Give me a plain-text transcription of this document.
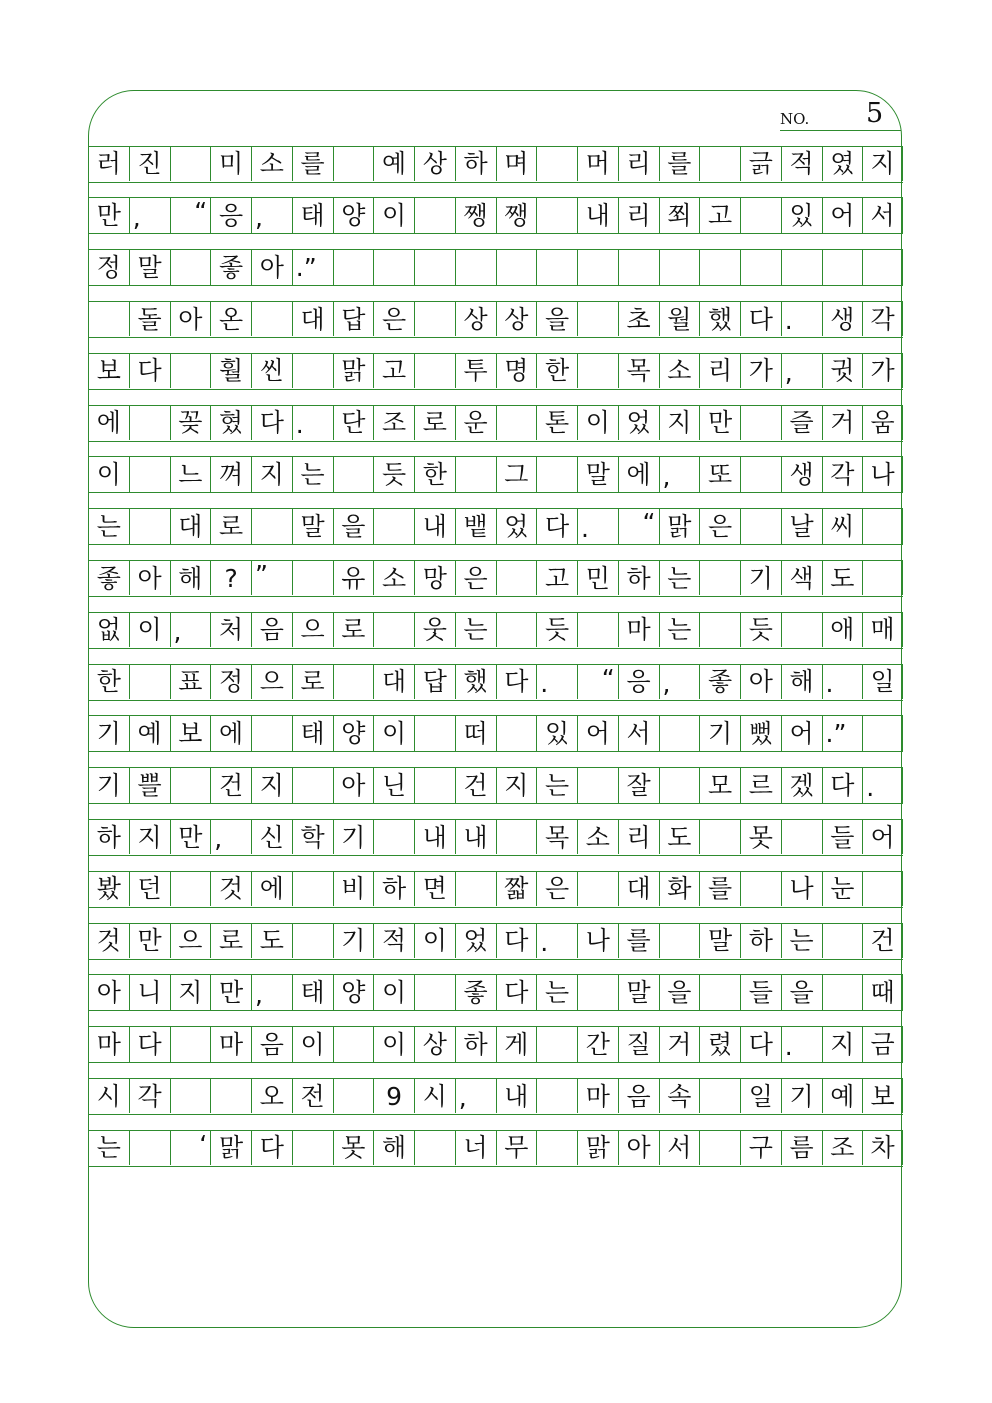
NO. 5
러 진	미 소 를	예 상 하 며	머 리 를	긁 적 였 지
만 ,	“ 응 ,	태 양 이	쨍 쨍	내 리 쬐 고	있 어 서
정 말	좋 아 .”
돌 아 온	대 답 은	상 상 을	초 월 했 다 .	생 각
보 다	훨 씬	맑 고	투 명 한	목 소 리 가 ,	귓 가
에	꽂 혔 다 .	단 조 로 운	톤 이 었 지 만	즐 거 움
이	느 껴 지 는	듯 한	그	말 에 ,	또	생 각 나
는	대 로	말 을	내 뱉 었 다 .	“ 맑 은	날 씨
좋 아 해 ? ”	유 소 망 은	고 민 하 는	기 색 도
없 이 ,	처 음 으 로	웃 는	듯	마 는	듯	애 매
한	표 정 으 로	대 답 했 다 .	“ 응 ,	좋 아 해 .	일
기 예 보 에	태 양 이	떠	있 어 서	기 뻤 어 .”
기 쁠	건 지	아 닌	건 지 는	잘	모 르 겠 다 .
하 지 만 ,	신 학 기	내 내	목 소 리 도	못	들 어
봤 던	것 에	비 하 면	짧 은	대 화 를	나 눈
것 만 으 로 도	기 적 이 었 다 .	나 를	말 하 는	건
아 니 지 만 ,	태 양 이	좋 다 는	말 을	들 을	때
마 다	마 음 이	이 상 하 게	간 질 거 렸 다 .	지 금
시 각	오 전	9 시 ,	내	마 음 속	일 기 예 보
는	‘ 맑 다	못 해	너 무	맑 아 서	구 름 조 차
